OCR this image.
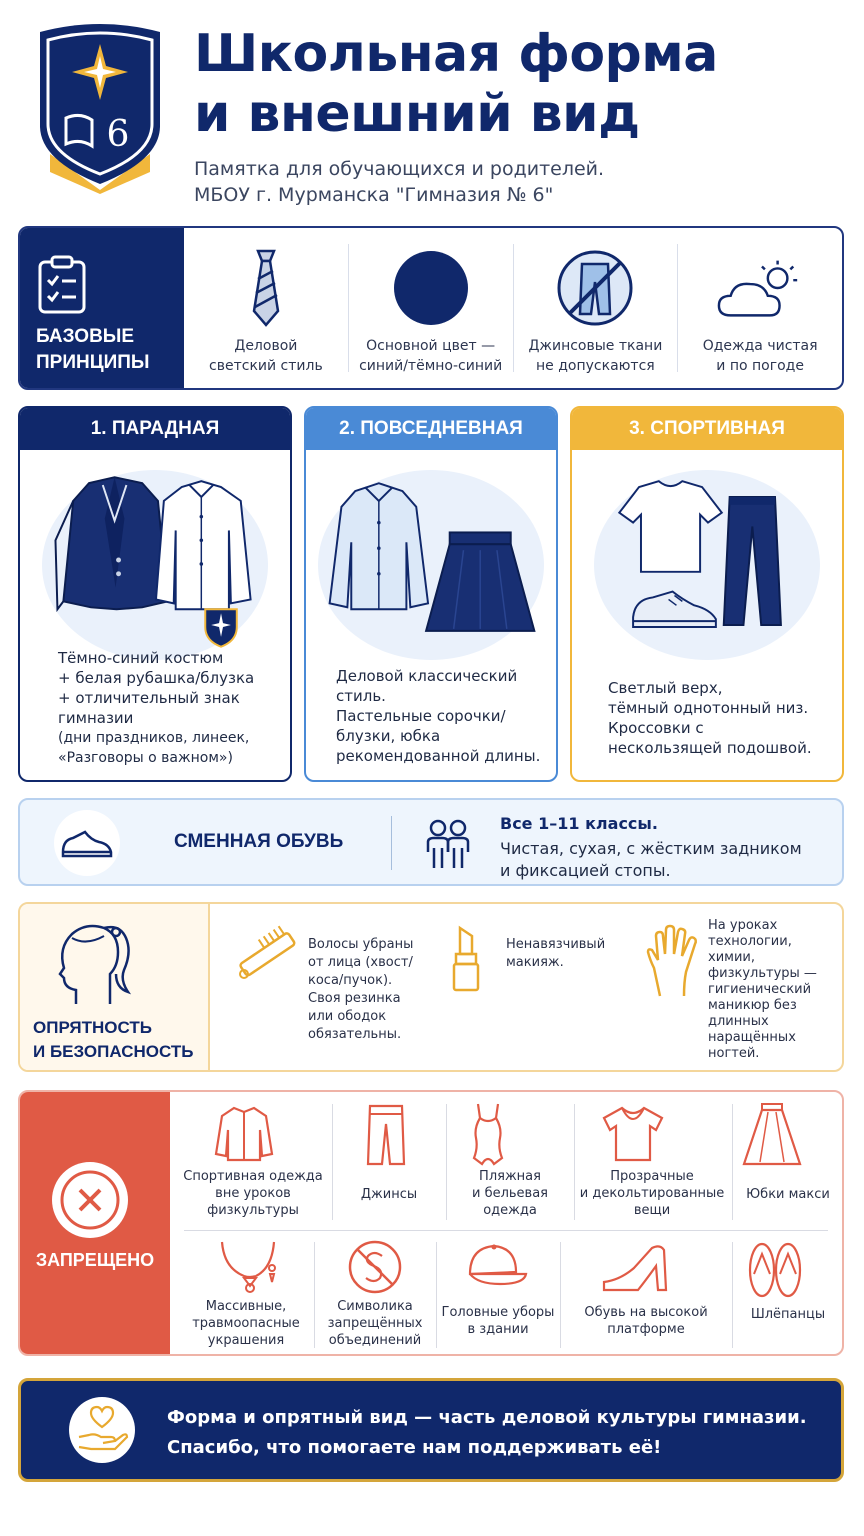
6
Школьная форма
и внешний вид
Памятка для обучающихся и родителей.
МБОУ г. Мурманска "Гимназия № 6"
БАЗОВЫЕ
ПРИНЦИПЫ
Деловой
светский стиль
Основной цвет —
синий/тёмно-синий
Джинсовые ткани
не допускаются
Одежда чистая
и по погоде
1. ПАРАДНАЯ
Тёмно-синий костюм
+ белая рубашка/блузка
+ отличительный знак
гимназии
(дни праздников, линеек,
«Разговоры о важном»)
2. ПОВСЕДНЕВНАЯ
Деловой классический
стиль.
Пастельные сорочки/
блузки, юбка
рекомендованной длины.
3. СПОРТИВНАЯ
Светлый верх,
тёмный однотонный низ.
Кроссовки с
нескользящей подошвой.
СМЕННАЯ ОБУВЬ
Все 1–11 классы.
Чистая, сухая, с жёстким задником
и фиксацией стопы.
ОПРЯТНОСТЬ
И БЕЗОПАСНОСТЬ
Волосы убраны
от лица (хвост/
коса/пучок).
Своя резинка
или ободок
обязательны.
Ненавязчивый
макияж.
На уроках
технологии,
химии,
физкультуры —
гигиенический
маникюр без
длинных
наращённых
ногтей.
ЗАПРЕЩЕНО
Спортивная одежда
вне уроков
физкультуры
Джинсы
Пляжная
и бельевая
одежда
Прозрачные
и декольтированные
вещи
Юбки макси
Массивные,
травмоопасные
украшения
Символика
запрещённых
объединений
Головные уборы
в здании
Обувь на высокой
платформе
Шлёпанцы
Форма и опрятный вид — часть деловой культуры гимназии.
Спасибо, что помогаете нам поддерживать её!
